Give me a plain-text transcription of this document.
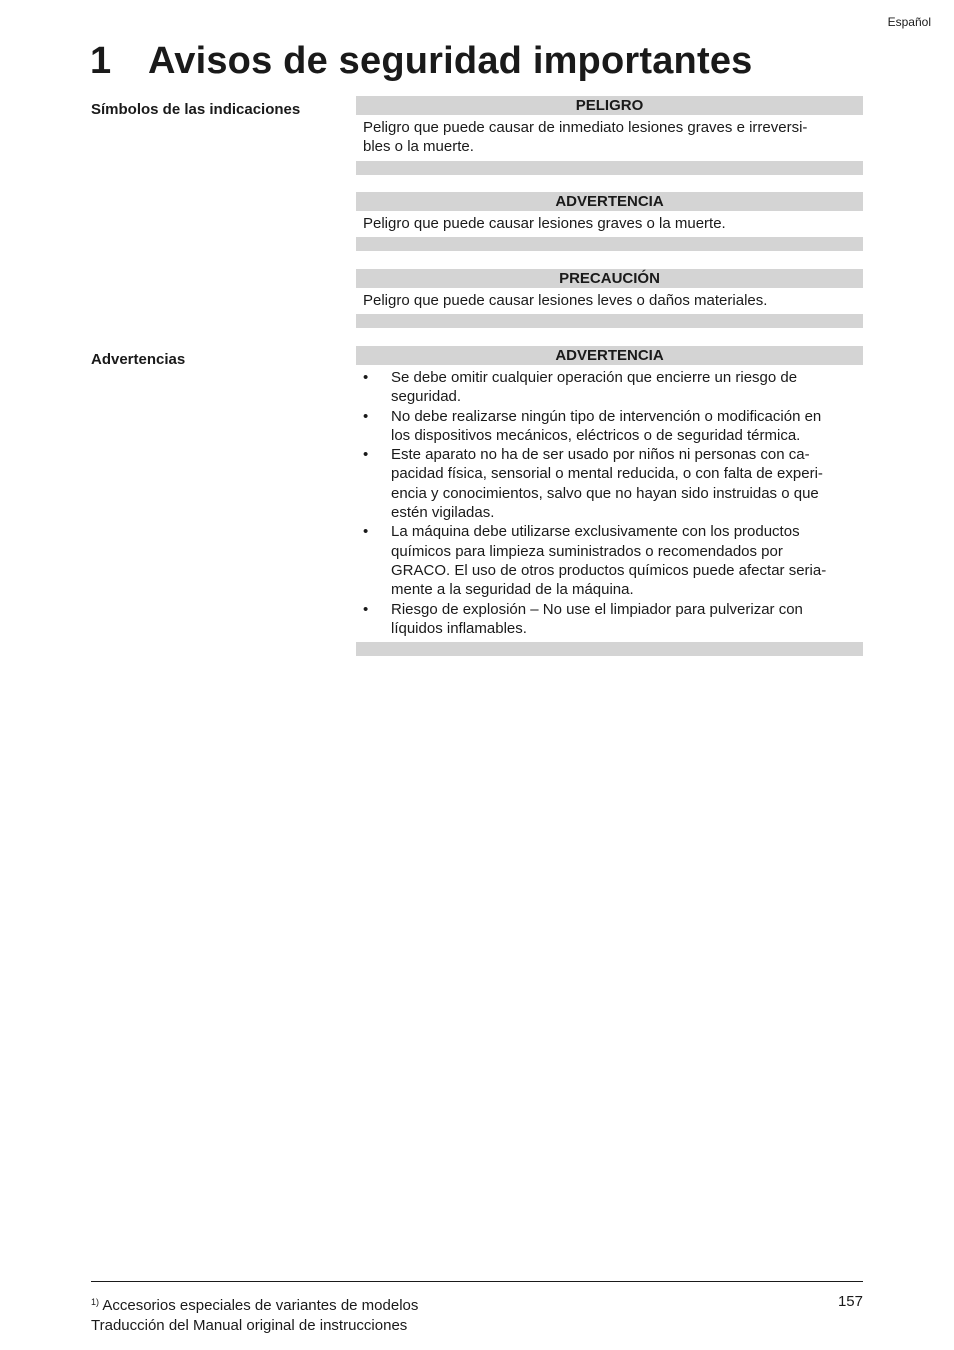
Español
1 Avisos de seguridad importantes
Símbolos de las indicaciones	PELIGRO
Peligro que puede causar de inmediato lesiones graves e irreversi-
bles o la muerte.
ADVERTENCIA
Peligro que puede causar lesiones graves o la muerte.
PRECAUCIÓN
Peligro que puede causar lesiones leves o daños materiales.
Advertencias	ADVERTENCIA
• Se debe omitir cualquier operación que encierre un riesgo de
seguridad.
• No debe realizarse ningún tipo de intervención o modificación en
los dispositivos mecánicos, eléctricos o de seguridad térmica.
• Este aparato no ha de ser usado por niños ni personas con ca-
pacidad física, sensorial o mental reducida, o con falta de experi-
encia y conocimientos, salvo que no hayan sido instruidas o que
estén vigiladas.
• La máquina debe utilizarse exclusivamente con los productos
químicos para limpieza suministrados o recomendados por
GRACO. El uso de otros productos químicos puede afectar seria-
mente a la seguridad de la máquina.
• Riesgo de explosión – No use el limpiador para pulverizar con
líquidos inflamables.
$^{1)}$ Accesorios especiales de variantes de modelos
Traducción del Manual original de instrucciones
157
